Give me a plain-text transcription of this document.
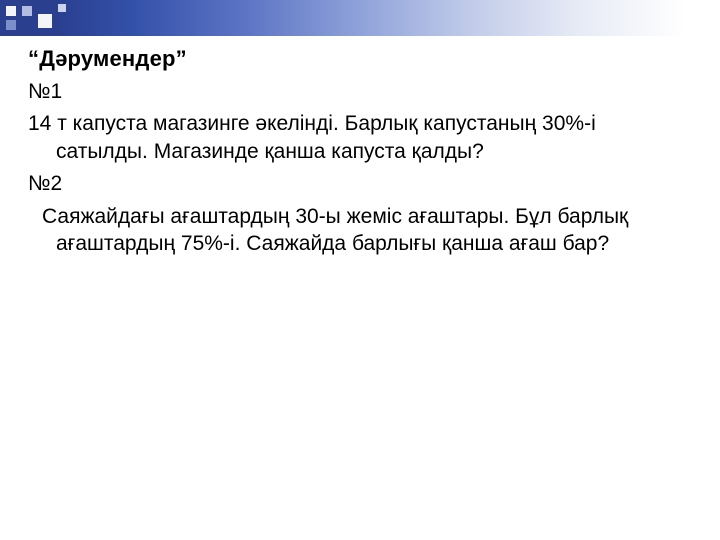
“Дәрумендер”

№1

14 т капуста магазинге әкелінді. Барлық капустаның 30%-і сатылды. Магазинде қанша капуста қалды?

№2

Саяжайдағы ағаштардың 30-ы жеміс ағаштары. Бұл барлық ағаштардың 75%-і. Саяжайда барлығы қанша ағаш бар?
